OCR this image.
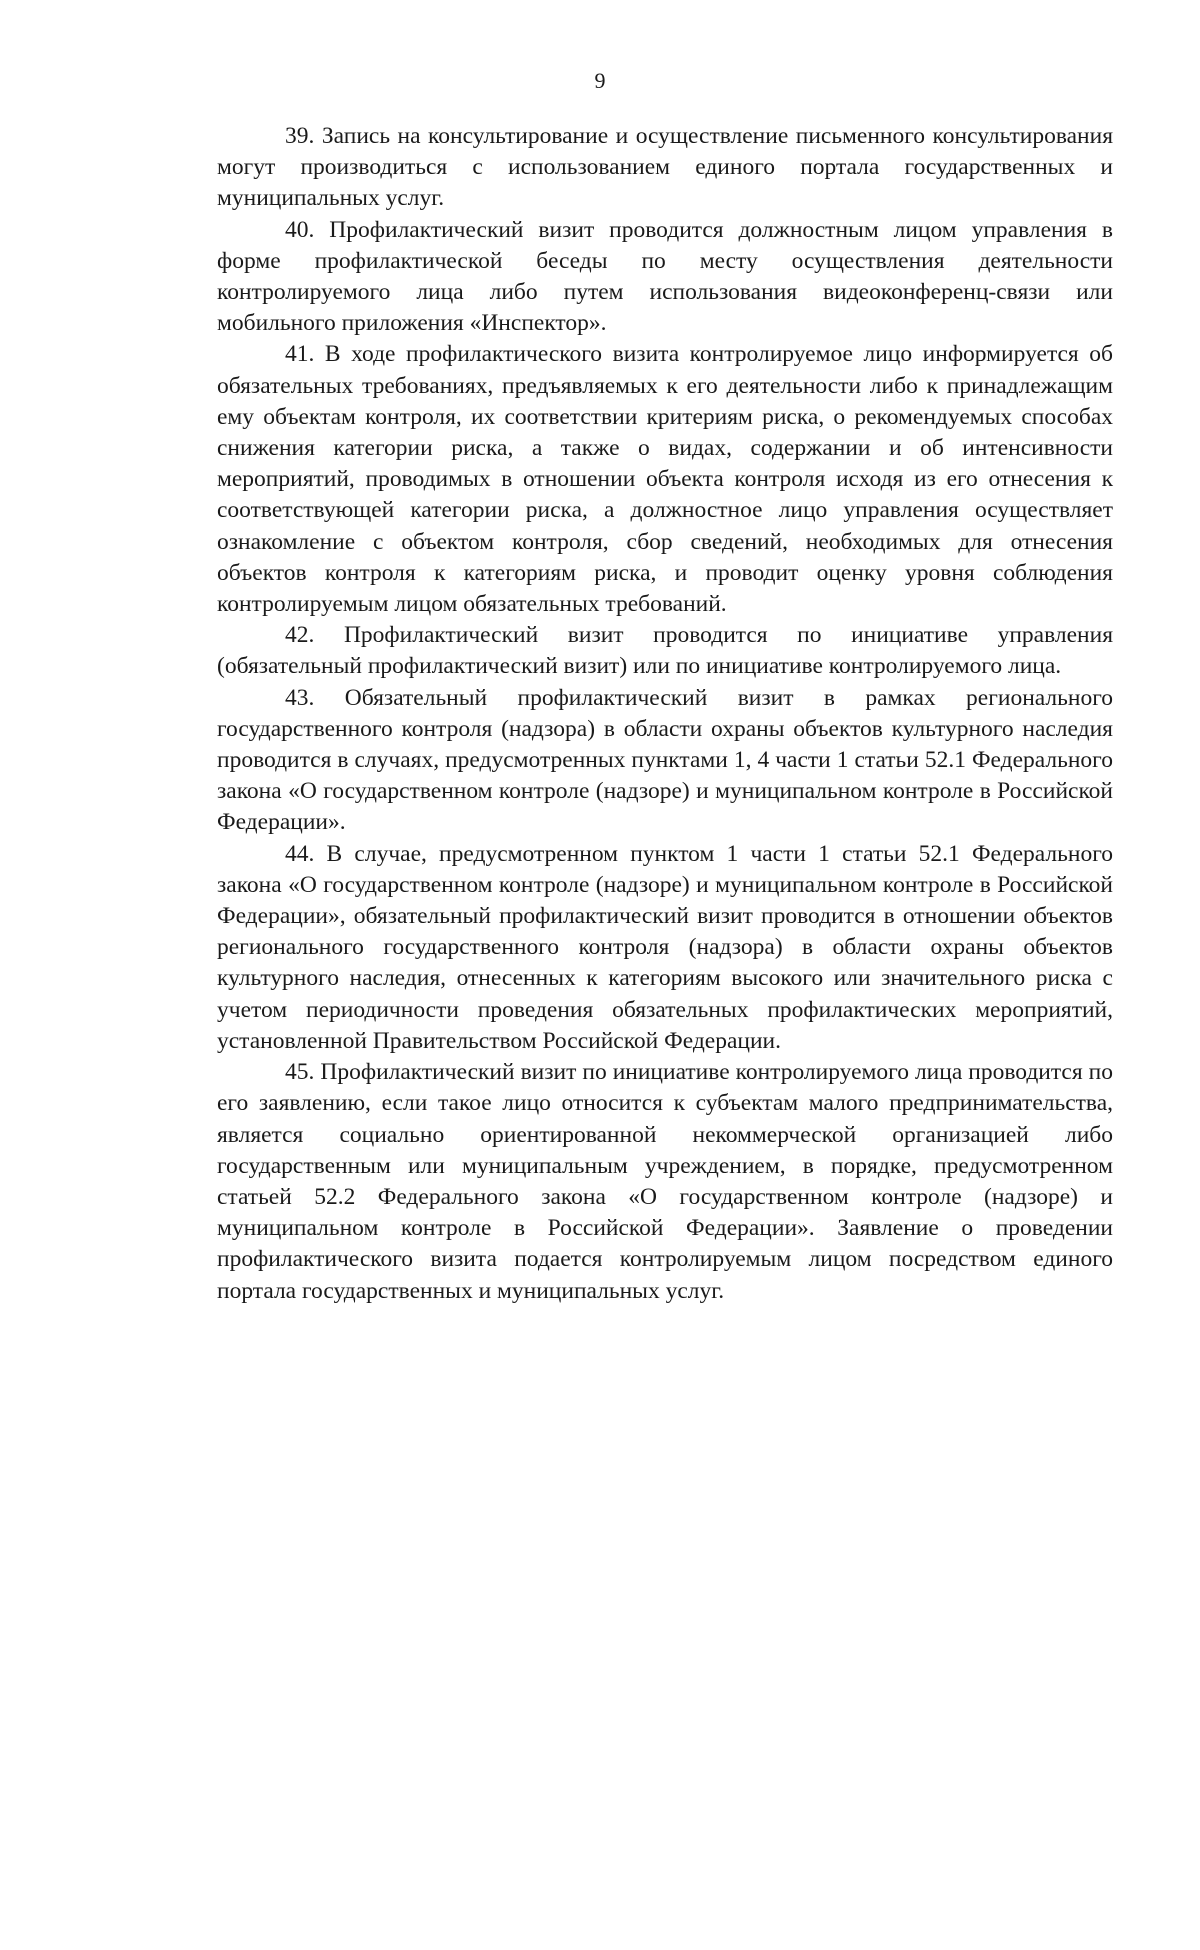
9

39. Запись на консультирование и осуществление письменного консультирования могут производиться с использованием единого портала государственных и муниципальных услуг.

40. Профилактический визит проводится должностным лицом управления в форме профилактической беседы по месту осуществления деятельности контролируемого лица либо путем использования видеоконференц-связи или мобильного приложения «Инспектор».

41. В ходе профилактического визита контролируемое лицо информируется об обязательных требованиях, предъявляемых к его деятельности либо к принадлежащим ему объектам контроля, их соответствии критериям риска, о рекомендуемых способах снижения категории риска, а также о видах, содержании и об интенсивности мероприятий, проводимых в отношении объекта контроля исходя из его отнесения к соответствующей категории риска, а должностное лицо управления осуществляет ознакомление с объектом контроля, сбор сведений, необходимых для отнесения объектов контроля к категориям риска, и проводит оценку уровня соблюдения контролируемым лицом обязательных требований.

42. Профилактический визит проводится по инициативе управления (обязательный профилактический визит) или по инициативе контролируемого лица.

43. Обязательный профилактический визит в рамках регионального государственного контроля (надзора) в области охраны объектов культурного наследия проводится в случаях, предусмотренных пунктами 1, 4 части 1 статьи 52.1 Федерального закона «О государственном контроле (надзоре) и муниципальном контроле в Российской Федерации».

44. В случае, предусмотренном пунктом 1 части 1 статьи 52.1 Федерального закона «О государственном контроле (надзоре) и муниципальном контроле в Российской Федерации», обязательный профилактический визит проводится в отношении объектов регионального государственного контроля (надзора) в области охраны объектов культурного наследия, отнесенных к категориям высокого или значительного риска с учетом периодичности проведения обязательных профилактических мероприятий, установленной Правительством Российской Федерации.

45. Профилактический визит по инициативе контролируемого лица проводится по его заявлению, если такое лицо относится к субъектам малого предпринимательства, является социально ориентированной некоммерческой организацией либо государственным или муниципальным учреждением, в порядке, предусмотренном статьей 52.2 Федерального закона «О государственном контроле (надзоре) и муниципальном контроле в Российской Федерации». Заявление о проведении профилактического визита подается контролируемым лицом посредством единого портала государственных и муниципальных услуг.
